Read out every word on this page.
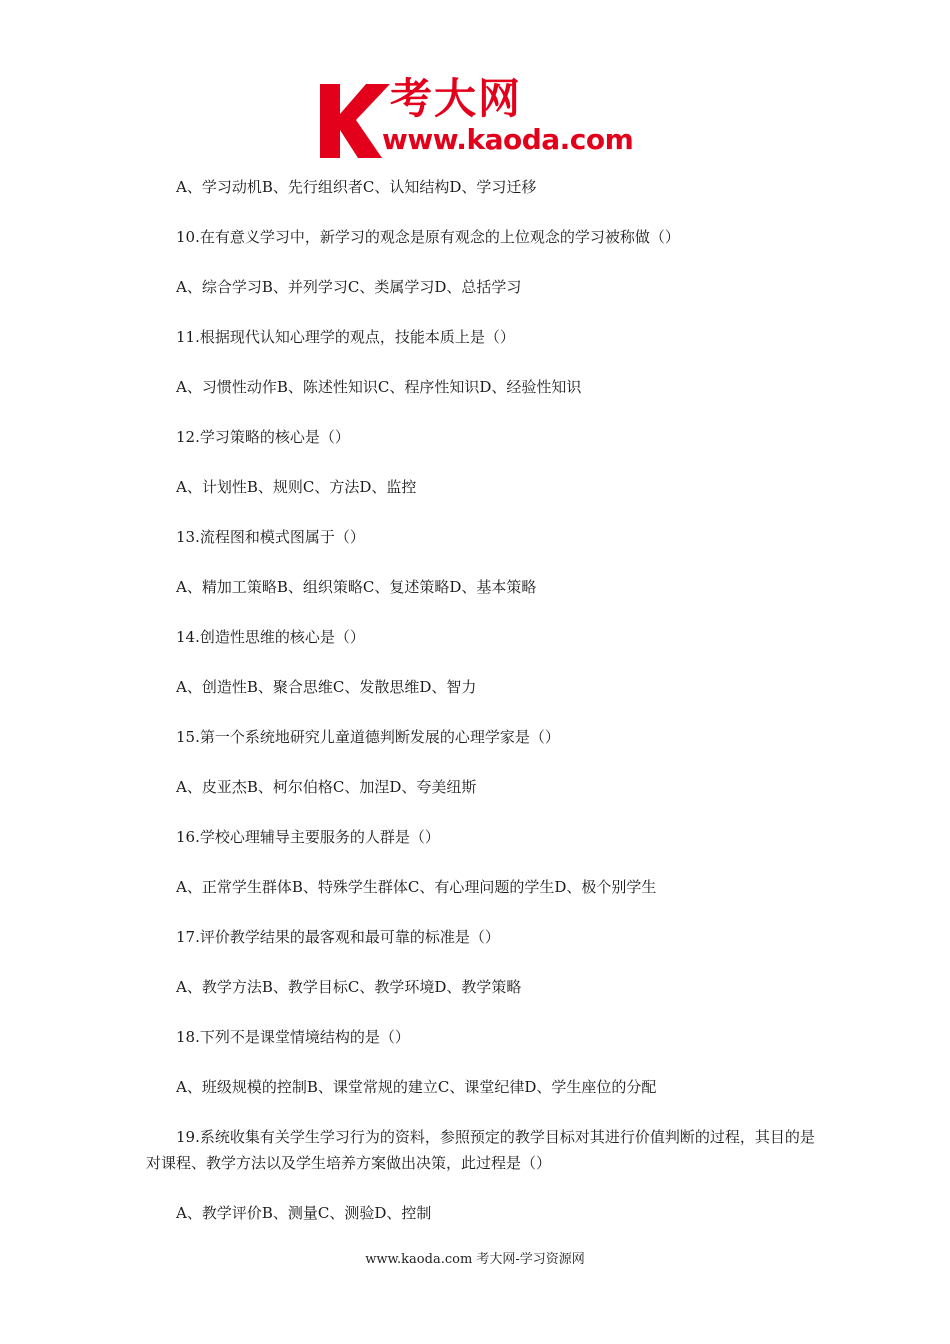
考大网
www.kaoda.com

A、学习动机B、先行组织者C、认知结构D、学习迁移

10.在有意义学习中，新学习的观念是原有观念的上位观念的学习被称做（）

A、综合学习B、并列学习C、类属学习D、总括学习

11.根据现代认知心理学的观点，技能本质上是（）

A、习惯性动作B、陈述性知识C、程序性知识D、经验性知识

12.学习策略的核心是（）

A、计划性B、规则C、方法D、监控

13.流程图和模式图属于（）

A、精加工策略B、组织策略C、复述策略D、基本策略

14.创造性思维的核心是（）

A、创造性B、聚合思维C、发散思维D、智力

15.第一个系统地研究儿童道德判断发展的心理学家是（）

A、皮亚杰B、柯尔伯格C、加涅D、夸美纽斯

16.学校心理辅导主要服务的人群是（）

A、正常学生群体B、特殊学生群体C、有心理问题的学生D、极个别学生

17.评价教学结果的最客观和最可靠的标准是（）

A、教学方法B、教学目标C、教学环境D、教学策略

18.下列不是课堂情境结构的是（）

A、班级规模的控制B、课堂常规的建立C、课堂纪律D、学生座位的分配

19.系统收集有关学生学习行为的资料，参照预定的教学目标对其进行价值判断的过程，其目的是对课程、教学方法以及学生培养方案做出决策，此过程是（）

A、教学评价B、测量C、测验D、控制

www.kaoda.com 考大网-学习资源网
